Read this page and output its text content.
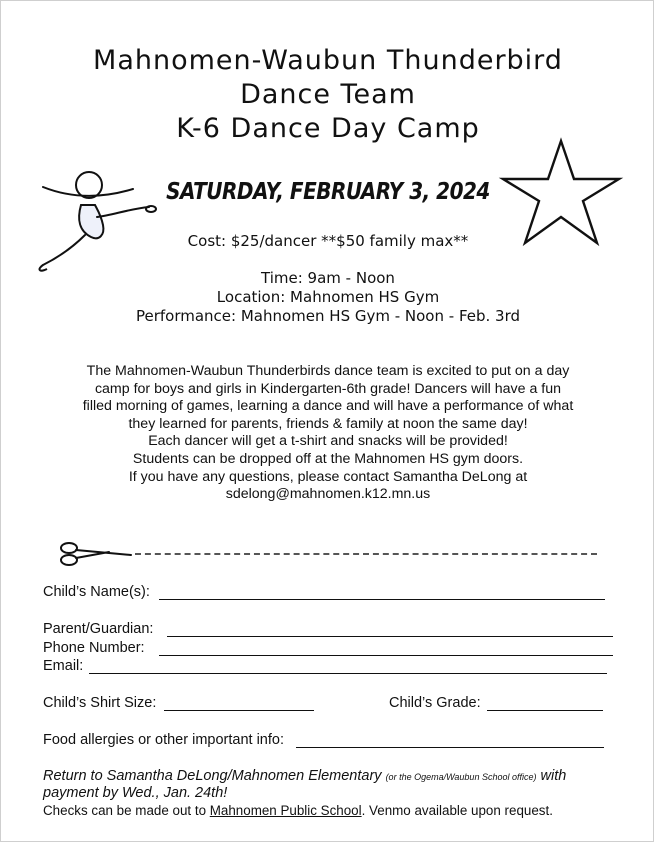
Mahnomen-Waubun Thunderbird
Dance Team
K-6 Dance Day Camp
SATURDAY, FEBRUARY 3, 2024
Cost: $25/dancer **$50 family max**
Time: 9am - Noon
Location: Mahnomen HS Gym
Performance: Mahnomen HS Gym - Noon - Feb. 3rd
The Mahnomen-Waubun Thunderbirds dance team is excited to put on a day
camp for boys and girls in Kindergarten-6th grade! Dancers will have a fun
filled morning of games, learning a dance and will have a performance of what
they learned for parents, friends & family at noon the same day!
Each dancer will get a t-shirt and snacks will be provided!
Students can be dropped off at the Mahnomen HS gym doors.
If you have any questions, please contact Samantha DeLong at
sdelong@mahnomen.k12.mn.us
Child’s Name(s):
Parent/Guardian:
Phone Number:
Email:
Child’s Shirt Size:	Child’s Grade:
Food allergies or other important info:
Return to Samantha DeLong/Mahnomen Elementary (or the Ogema/Waubun School office) with
payment by Wed., Jan. 24th!
Checks can be made out to Mahnomen Public School. Venmo available upon request.
